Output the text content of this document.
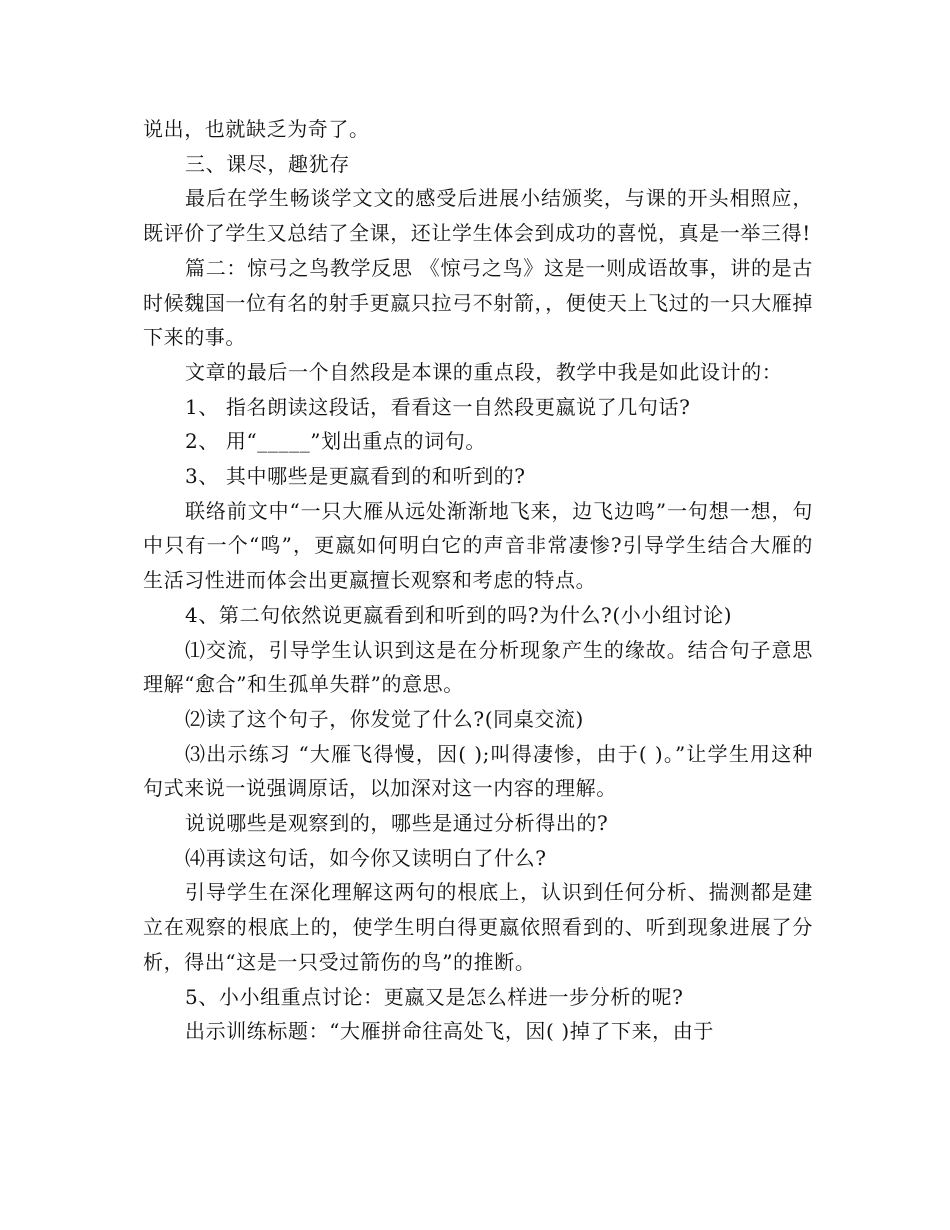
说出，也就缺乏为奇了。

三、课尽，趣犹存

最后在学生畅谈学文文的感受后进展小结颁奖，与课的开头相照应，既评价了学生又总结了全课，还让学生体会到成功的喜悦，真是一举三得!

篇二：惊弓之鸟教学反思 《惊弓之鸟》这是一则成语故事，讲的是古时候魏国一位有名的射手更嬴只拉弓不射箭，，便使天上飞过的一只大雁掉下来的事。

文章的最后一个自然段是本课的重点段，教学中我是如此设计的：

1、 指名朗读这段话，看看这一自然段更嬴说了几句话?

2、 用“_____”划出重点的词句。

3、 其中哪些是更嬴看到的和听到的?

联络前文中“一只大雁从远处渐渐地飞来，边飞边鸣”一句想一想，句中只有一个“鸣”，更嬴如何明白它的声音非常凄惨?引导学生结合大雁的生活习性进而体会出更嬴擅长观察和考虑的特点。

4、第二句依然说更嬴看到和听到的吗?为什么?(小小组讨论)

⑴交流，引导学生认识到这是在分析现象产生的缘故。结合句子意思理解“愈合”和生孤单失群”的意思。

⑵读了这个句子，你发觉了什么?(同桌交流)

⑶出示练习 “大雁飞得慢，因( );叫得凄惨，由于( )。”让学生用这种句式来说一说强调原话，以加深对这一内容的理解。

说说哪些是观察到的，哪些是通过分析得出的?

⑷再读这句话，如今你又读明白了什么?

引导学生在深化理解这两句的根底上，认识到任何分析、揣测都是建立在观察的根底上的，使学生明白得更嬴依照看到的、听到现象进展了分析，得出“这是一只受过箭伤的鸟”的推断。

5、小小组重点讨论：更嬴又是怎么样进一步分析的呢?

出示训练标题：“大雁拼命往高处飞，因( )掉了下来，由于
